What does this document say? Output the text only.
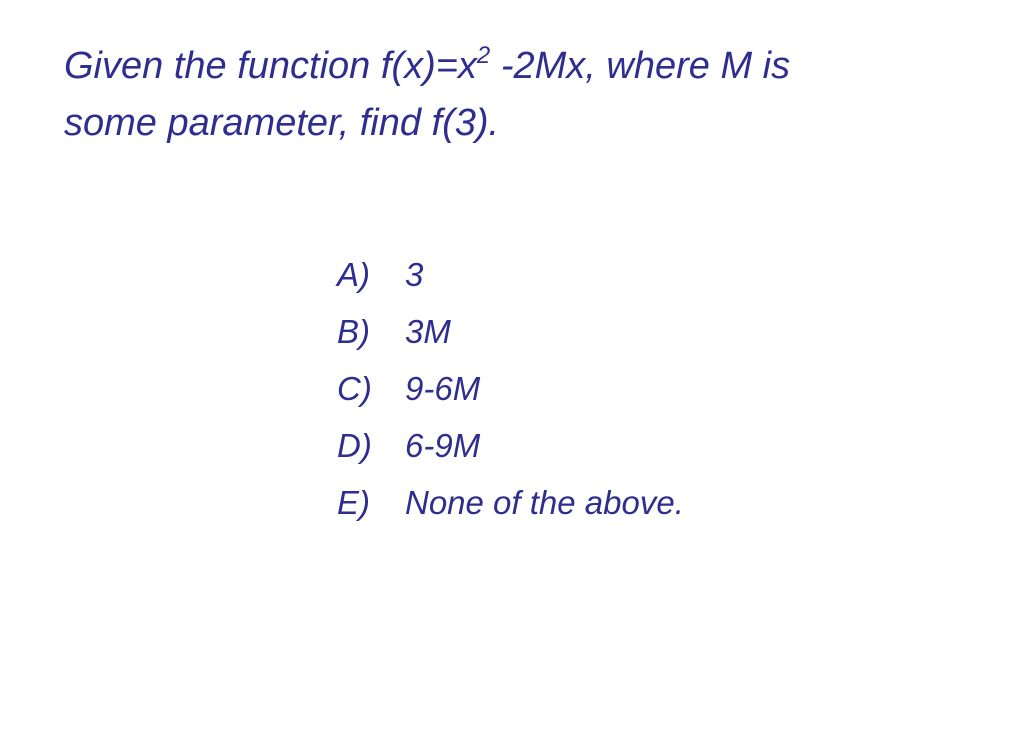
Given the function $f(x)=x^2$ -2Mx, where M is
some parameter, find f(3).
A)	3
B)	3M
C)	9-6M
D)	6-9M
E)	None of the above.
